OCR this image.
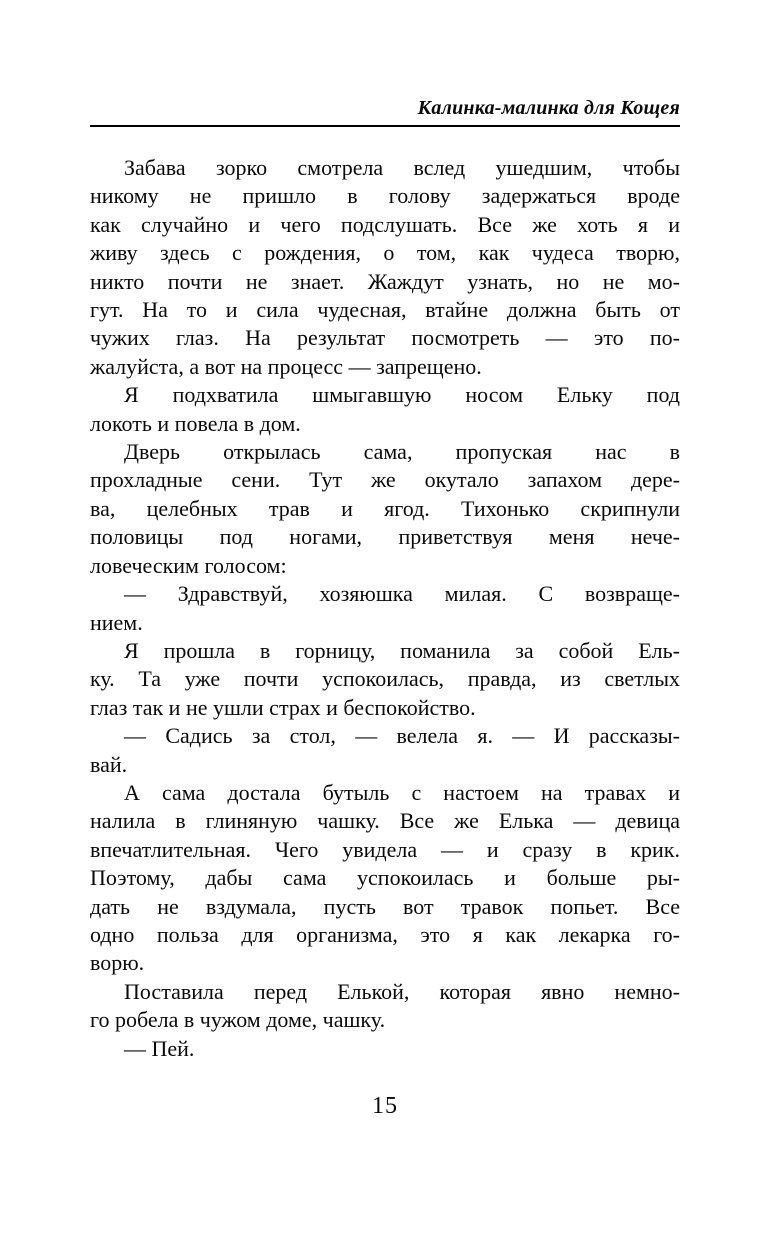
Калинка-малинка для Кощея

Забава зорко смотрела вслед ушедшим, чтобы
никому не пришло в голову задержаться вроде
как случайно и чего подслушать. Все же хоть я и
живу здесь с рождения, о том, как чудеса творю,
никто почти не знает. Жаждут узнать, но не мо-
гут. На то и сила чудесная, втайне должна быть от
чужих глаз. На результат посмотреть — это по-
жалуйста, а вот на процесс — запрещено.

Я подхватила шмыгавшую носом Ельку под
локоть и повела в дом.

Дверь открылась сама, пропуская нас в
прохладные сени. Тут же окутало запахом дере-
ва, целебных трав и ягод. Тихонько скрипнули
половицы под ногами, приветствуя меня нече-
ловеческим голосом:

— Здравствуй, хозяюшка милая. С возвраще-
нием.

Я прошла в горницу, поманила за собой Ель-
ку. Та уже почти успокоилась, правда, из светлых
глаз так и не ушли страх и беспокойство.

— Садись за стол, — велела я. — И рассказы-
вай.

А сама достала бутыль с настоем на травах и
налила в глиняную чашку. Все же Елька — девица
впечатлительная. Чего увидела — и сразу в крик.
Поэтому, дабы сама успокоилась и больше ры-
дать не вздумала, пусть вот травок попьет. Все
одно польза для организма, это я как лекарка го-
ворю.

Поставила перед Елькой, которая явно немно-
го робела в чужом доме, чашку.

— Пей.

15
